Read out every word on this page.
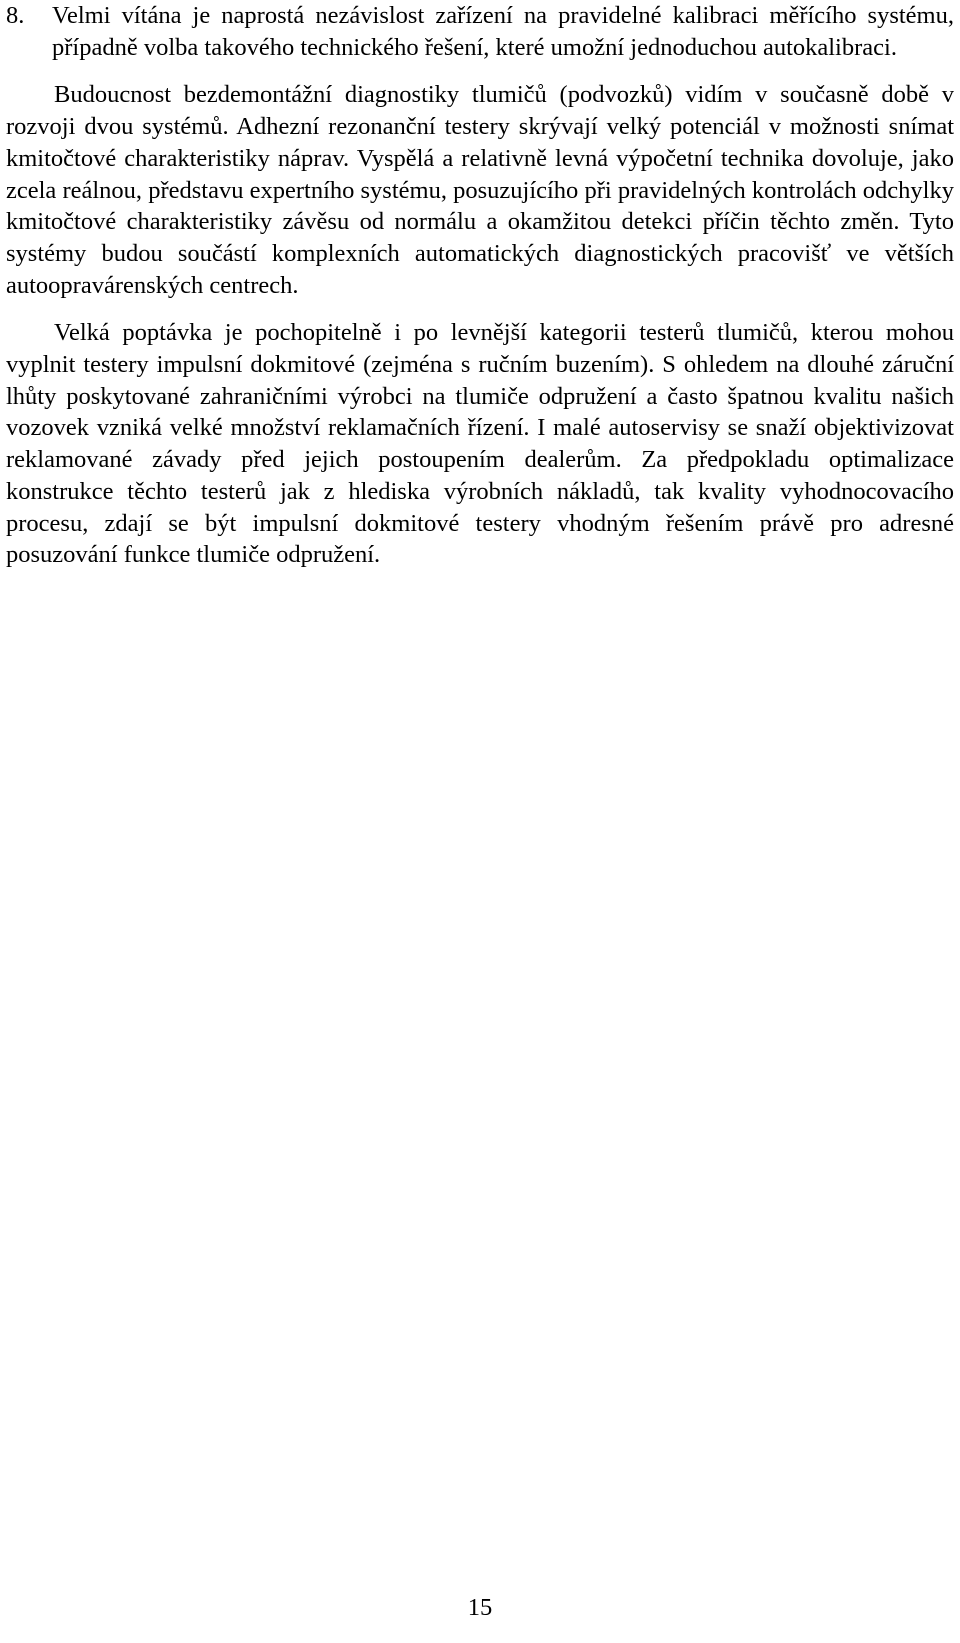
8.	Velmi vítána je naprostá nezávislost zařízení na pravidelné kalibraci měřícího systému, případně volba takového technického řešení, které umožní jednoduchou autokalibraci.

Budoucnost bezdemontážní diagnostiky tlumičů (podvozků) vidím v současně době v rozvoji dvou systémů. Adhezní rezonanční testery skrývají velký potenciál v možnosti snímat kmitočtové charakteristiky náprav. Vyspělá a relativně levná výpočetní technika dovoluje, jako zcela reálnou, představu expertního systému, posuzujícího při pravidelných kontrolách odchylky kmitočtové charakteristiky závěsu od normálu a okamžitou detekci příčin těchto změn. Tyto systémy budou součástí komplexních automatických diagnostických pracovišť ve větších autoopravárenských centrech.

Velká poptávka je pochopitelně i po levnější kategorii testerů tlumičů, kterou mohou vyplnit testery impulsní dokmitové (zejména s ručním buzením). S ohledem na dlouhé záruční lhůty poskytované zahraničními výrobci na tlumiče odpružení a často špatnou kvalitu našich vozovek vzniká velké množství reklamačních řízení. I malé autoservisy se snaží objektivizovat reklamované závady před jejich postoupením dealerům. Za předpokladu optimalizace konstrukce těchto testerů jak z hlediska výrobních nákladů, tak kvality vyhodnocovacího procesu, zdají se být impulsní dokmitové testery vhodným řešením právě pro adresné posuzování funkce tlumiče odpružení.

15
